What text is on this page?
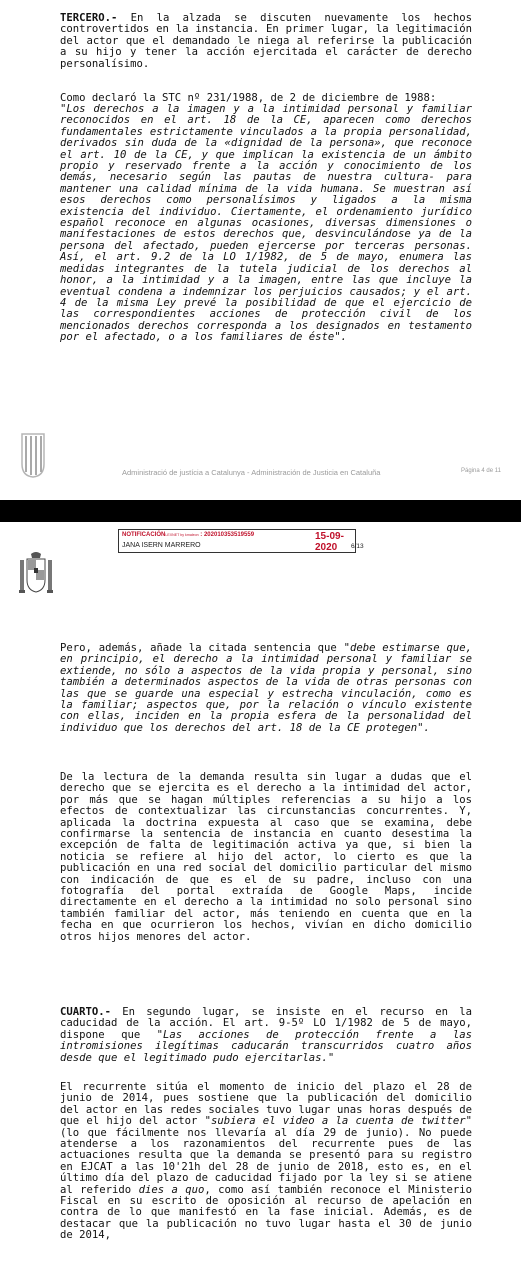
TERCERO.- En la alzada se discuten nuevamente los hechos controvertidos en la instancia. En primer lugar, la legitimación del actor que el demandado le niega al referirse la publicación a su hijo y tener la acción ejercitada el carácter de derecho personalísimo.

Como declaró la STC nº 231/1988, de 2 de diciembre de 1988:

"Los derechos a la imagen y a la intimidad personal y familiar reconocidos en el art. 18 de la CE, aparecen como derechos fundamentales estrictamente vinculados a la propia personalidad, derivados sin duda de la «dignidad de la persona», que reconoce el art. 10 de la CE, y que implican la existencia de un ámbito propio y reservado frente a la acción y conocimiento de los demás, necesario según las pautas de nuestra cultura- para mantener una calidad mínima de la vida humana. Se muestran así esos derechos como personalísimos y ligados a la misma existencia del individuo. Ciertamente, el ordenamiento jurídico español reconoce en algunas ocasiones, diversas dimensiones o manifestaciones de estos derechos que, desvinculándose ya de la persona del afectado, pueden ejercerse por terceras personas. Así, el art. 9.2 de la LO 1/1982, de 5 de mayo, enumera las medidas integrantes de la tutela judicial de los derechos al honor, a la intimidad y a la imagen, entre las que incluye la eventual condena a indemnizar los perjuicios causados; y el art. 4 de la misma Ley prevé la posibilidad de que el ejercicio de las correspondientes acciones de protección civil de los mencionados derechos corresponda a los designados en testamento por el afectado, o a los familiares de éste".

Administració de justícia a Catalunya - Administración de Justicia en Cataluña	Página 4 de 11
NOTIFICACIÓNLEXNET by kmaleon : 202010353519559	15-09-2020
JANA ISERN MARRERO	6/13

Pero, además, añade la citada sentencia que "debe estimarse que, en principio, el derecho a la intimidad personal y familiar se extiende, no sólo a aspectos de la vida propia y personal, sino también a determinados aspectos de la vida de otras personas con las que se guarde una especial y estrecha vinculación, como es la familiar; aspectos que, por la relación o vínculo existente con ellas, inciden en la propia esfera de la personalidad del individuo que los derechos del art. 18 de la CE protegen".

De la lectura de la demanda resulta sin lugar a dudas que el derecho que se ejercita es el derecho a la intimidad del actor, por más que se hagan múltiples referencias a su hijo a los efectos de contextualizar las circunstancias concurrentes. Y, aplicada la doctrina expuesta al caso que se examina, debe confirmarse la sentencia de instancia en cuanto desestima la excepción de falta de legitimación activa ya que, si bien la noticia se refiere al hijo del actor, lo cierto es que la publicación en una red social del domicilio particular del mismo con indicación de que es el de su padre, incluso con una fotografía del portal extraída de Google Maps, incide directamente en el derecho a la intimidad no solo personal sino también familiar del actor, más teniendo en cuenta que en la fecha en que ocurrieron los hechos, vivían en dicho domicilio otros hijos menores del actor.

CUARTO.- En segundo lugar, se insiste en el recurso en la caducidad de la acción. El art. 9-5º LO 1/1982 de 5 de mayo, dispone que "Las acciones de protección frente a las intromisiones ilegítimas caducarán transcurridos cuatro años desde que el legitimado pudo ejercitarlas."

El recurrente sitúa el momento de inicio del plazo el 28 de junio de 2014, pues sostiene que la publicación del domicilio del actor en las redes sociales tuvo lugar unas horas después de que el hijo del actor "subiera el video a la cuenta de twitter" (lo que fácilmente nos llevaría al día 29 de junio). No puede atenderse a los razonamientos del recurrente pues de las actuaciones resulta que la demanda se presentó para su registro en EJCAT a las 10'21h del 28 de junio de 2018, esto es, en el último día del plazo de caducidad fijado por la ley si se atiene al referido dies a quo, como así también reconoce el Ministerio Fiscal en su escrito de oposición al recurso de apelación en contra de lo que manifestó en la fase inicial. Además, es de destacar que la publicación no tuvo lugar hasta el 30 de junio de 2014,
